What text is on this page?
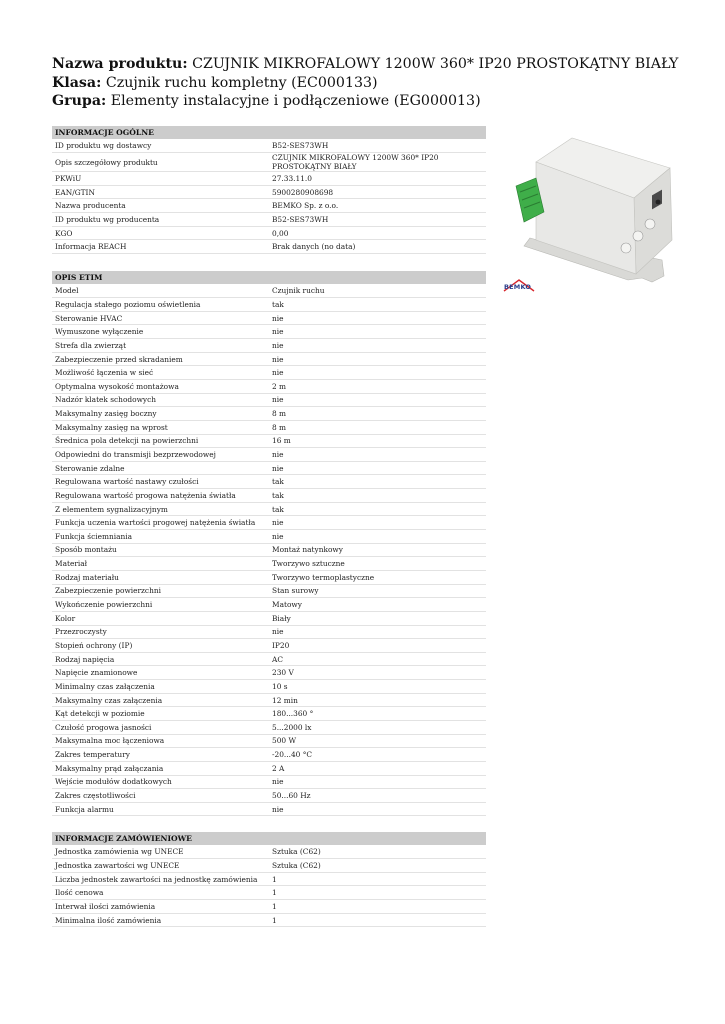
Nazwa produktu: CZUJNIK MIKROFALOWY 1200W 360* IP20 PROSTOKĄTNY BIAŁY
Klasa: Czujnik ruchu kompletny (EC000133)
Grupa: Elementy instalacyjne i podłączeniowe (EG000013)
INFORMACJE OGÓLNE
ID produktu wg dostawcy	B52-SES73WH
Opis szczegółowy produktu	CZUJNIK MIKROFALOWY 1200W 360* IP20 PROSTOKĄTNY BIAŁY
PKWiU	27.33.11.0
EAN/GTIN	5900280908698
Nazwa producenta	BEMKO Sp. z o.o.
ID produktu wg producenta	B52-SES73WH
KGO	0,00
Informacja REACH	Brak danych (no data)
OPIS ETIM
Model	Czujnik ruchu
Regulacja stałego poziomu oświetlenia	tak
Sterowanie HVAC	nie
Wymuszone wyłączenie	nie
Strefa dla zwierząt	nie
Zabezpieczenie przed skradaniem	nie
Możliwość łączenia w sieć	nie
Optymalna wysokość montażowa	2 m
Nadzór klatek schodowych	nie
Maksymalny zasięg boczny	8 m
Maksymalny zasięg na wprost	8 m
Średnica pola detekcji na powierzchni	16 m
Odpowiedni do transmisji bezprzewodowej	nie
Sterowanie zdalne	nie
Regulowana wartość nastawy czułości	tak
Regulowana wartość progowa natężenia światła	tak
Z elementem sygnalizacyjnym	tak
Funkcja uczenia wartości progowej natężenia światła	nie
Funkcja ściemniania	nie
Sposób montażu	Montaż natynkowy
Materiał	Tworzywo sztuczne
Rodzaj materiału	Tworzywo termoplastyczne
Zabezpieczenie powierzchni	Stan surowy
Wykończenie powierzchni	Matowy
Kolor	Biały
Przezroczysty	nie
Stopień ochrony (IP)	IP20
Rodzaj napięcia	AC
Napięcie znamionowe	230 V
Minimalny czas załączenia	10 s
Maksymalny czas załączenia	12 min
Kąt detekcji w poziomie	180...360 °
Czułość progowa jasności	5...2000 lx
Maksymalna moc łączeniowa	500 W
Zakres temperatury	-20...40 °C
Maksymalny prąd załączania	2 A
Wejście modułów dodatkowych	nie
Zakres częstotliwości	50...60 Hz
Funkcja alarmu	nie
INFORMACJE ZAMÓWIENIOWE
Jednostka zamówienia wg UNECE	Sztuka (C62)
Jednostka zawartości wg UNECE	Sztuka (C62)
Liczba jednostek zawartości na jednostkę zamówienia	1
Ilość cenowa	1
Interwał ilości zamówienia	1
Minimalna ilość zamówienia	1
BEMKO
